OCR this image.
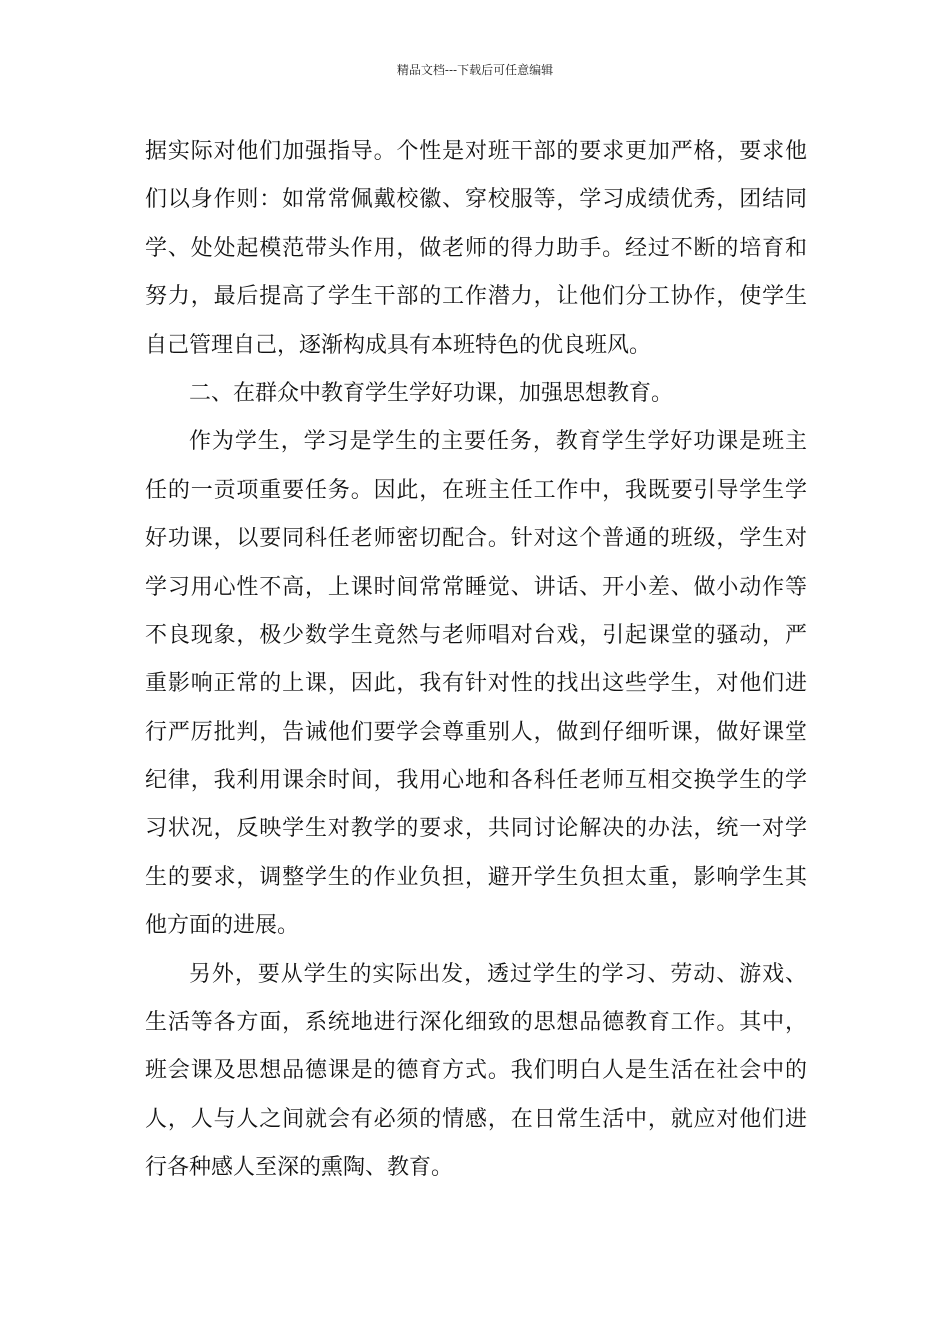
精品文档---下载后可任意编辑
据实际对他们加强指导。个性是对班干部的要求更加严格，要求他
们以身作则：如常常佩戴校徽、穿校服等，学习成绩优秀，团结同
学、处处起模范带头作用，做老师的得力助手。经过不断的培育和
努力，最后提高了学生干部的工作潜力，让他们分工协作，使学生
自己管理自己，逐渐构成具有本班特色的优良班风。
二、在群众中教育学生学好功课，加强思想教育。
作为学生，学习是学生的主要任务，教育学生学好功课是班主
任的一贡项重要任务。因此，在班主任工作中，我既要引导学生学
好功课，以要同科任老师密切配合。针对这个普通的班级，学生对
学习用心性不高，上课时间常常睡觉、讲话、开小差、做小动作等
不良现象，极少数学生竟然与老师唱对台戏，引起课堂的骚动，严
重影响正常的上课，因此，我有针对性的找出这些学生，对他们进
行严厉批判，告诫他们要学会尊重别人，做到仔细听课，做好课堂
纪律，我利用课余时间，我用心地和各科任老师互相交换学生的学
习状况，反映学生对教学的要求，共同讨论解决的办法，统一对学
生的要求，调整学生的作业负担，避开学生负担太重，影响学生其
他方面的进展。
另外，要从学生的实际出发，透过学生的学习、劳动、游戏、
生活等各方面，系统地进行深化细致的思想品德教育工作。其中，
班会课及思想品德课是的德育方式。我们明白人是生活在社会中的
人，人与人之间就会有必须的情感，在日常生活中，就应对他们进
行各种感人至深的熏陶、教育。
